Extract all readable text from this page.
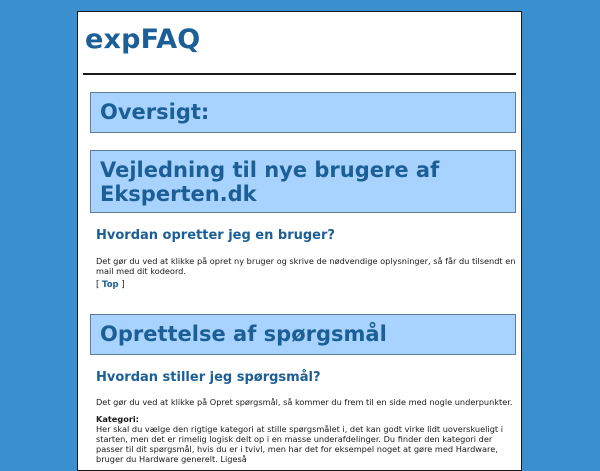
expFAQ
Oversigt:
Vejledning til nye brugere af
Eksperten.dk
Hvordan opretter jeg en bruger?

Det gør du ved at klikke på opret ny bruger og skrive de nødvendige oplysninger, så får du tilsendt en mail med dit kodeord.

[ Top ]

Oprettelse af spørgsmål
Hvordan stiller jeg spørgsmål?

Det gør du ved at klikke på Opret spørgsmål, så kommer du frem til en side med nogle underpunkter.

Kategori:
Her skal du vælge den rigtige kategori at stille spørgsmålet i, det kan godt virke lidt uoverskueligt i starten, men det er rimelig logisk delt op i en masse underafdelinger. Du finder den kategori der passer til dit spørgsmål, hvis du er i tvivl, men har det for eksempel noget at gøre med Hardware, bruger du Hardware generelt. Ligeså
